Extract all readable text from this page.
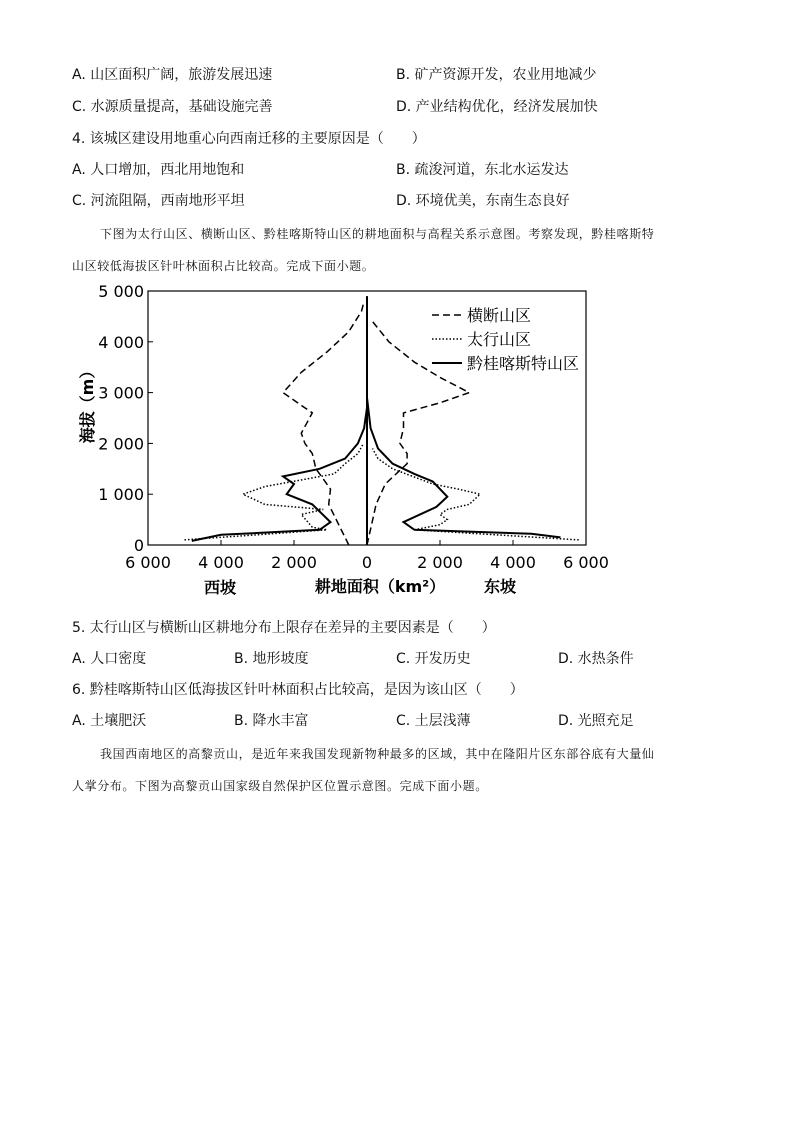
A. 山区面积广阔，旅游发展迅速	B. 矿产资源开发，农业用地减少
C. 水源质量提高，基础设施完善	D. 产业结构优化，经济发展加快
4. 该城区建设用地重心向西南迁移的主要原因是（　　）
A. 人口增加，西北用地饱和	B. 疏浚河道，东北水运发达
C. 河流阻隔，西南地形平坦	D. 环境优美，东南生态良好
下图为太行山区、横断山区、黔桂喀斯特山区的耕地面积与高程关系示意图。考察发现，黔桂喀斯特
山区较低海拔区针叶林面积占比较高。完成下面小题。
6 000 4 000 2 000	0	2 000 4 000 6 000
0
1 000
2 000
3 000
4 000
5 000
横断山区
太行山区
黔桂喀斯特山区
海拔（m）
耕地面积（km²）
西坡	东坡
5. 太行山区与横断山区耕地分布上限存在差异的主要因素是（　　）
A. 人口密度	B. 地形坡度	C. 开发历史	D. 水热条件
6. 黔桂喀斯特山区低海拔区针叶林面积占比较高，是因为该山区（　　）
A. 土壤肥沃	B. 降水丰富	C. 土层浅薄	D. 光照充足
我国西南地区的高黎贡山，是近年来我国发现新物种最多的区域，其中在隆阳片区东部谷底有大量仙
人掌分布。下图为高黎贡山国家级自然保护区位置示意图。完成下面小题。
